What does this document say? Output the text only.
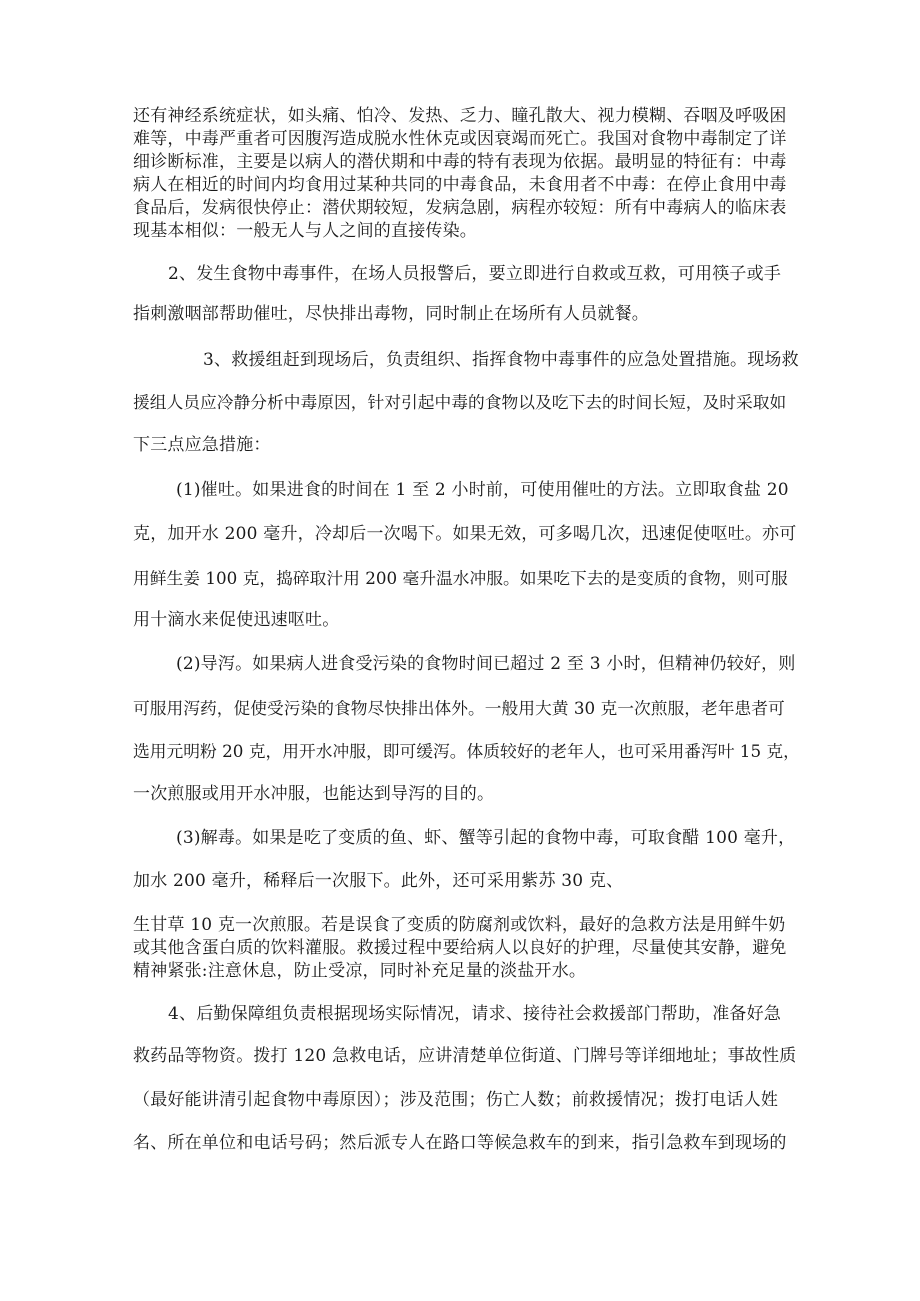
还有神经系统症状，如头痛、怕冷、发热、乏力、瞳孔散大、视力模糊、吞咽及呼吸困
难等，中毒严重者可因腹泻造成脱水性休克或因衰竭而死亡。我国对食物中毒制定了详
细诊断标准，主要是以病人的潜伏期和中毒的特有表现为依据。最明显的特征有：中毒
病人在相近的时间内均食用过某种共同的中毒食品，未食用者不中毒：在停止食用中毒
食品后，发病很快停止：潜伏期较短，发病急剧，病程亦较短：所有中毒病人的临床表
现基本相似：一般无人与人之间的直接传染。
2、发生食物中毒事件，在场人员报警后，要立即进行自救或互救，可用筷子或手
指刺激咽部帮助催吐，尽快排出毒物，同时制止在场所有人员就餐。
3、救援组赶到现场后，负责组织、指挥食物中毒事件的应急处置措施。现场救
援组人员应冷静分析中毒原因，针对引起中毒的食物以及吃下去的时间长短，及时采取如
下三点应急措施：
(1)催吐。如果进食的时间在 1 至 2 小时前，可使用催吐的方法。立即取食盐 20
克，加开水 200 毫升，冷却后一次喝下。如果无效，可多喝几次，迅速促使呕吐。亦可
用鲜生姜 100 克，捣碎取汁用 200 毫升温水冲服。如果吃下去的是变质的食物，则可服
用十滴水来促使迅速呕吐。
(2)导泻。如果病人进食受污染的食物时间已超过 2 至 3 小时，但精神仍较好，则
可服用泻药，促使受污染的食物尽快排出体外。一般用大黄 30 克一次煎服，老年患者可
选用元明粉 20 克，用开水冲服，即可缓泻。体质较好的老年人，也可采用番泻叶 15 克，
一次煎服或用开水冲服，也能达到导泻的目的。
(3)解毒。如果是吃了变质的鱼、虾、蟹等引起的食物中毒，可取食醋 100 毫升，
加水 200 毫升，稀释后一次服下。此外，还可采用紫苏 30 克、
生甘草 10 克一次煎服。若是误食了变质的防腐剂或饮料，最好的急救方法是用鲜牛奶
或其他含蛋白质的饮料灌服。救援过程中要给病人以良好的护理，尽量使其安静，避免
精神紧张:注意休息，防止受凉，同时补充足量的淡盐开水。
4、后勤保障组负责根据现场实际情况，请求、接待社会救援部门帮助，准备好急
救药品等物资。拨打 120 急救电话，应讲清楚单位街道、门牌号等详细地址；事故性质
（最好能讲清引起食物中毒原因）；涉及范围；伤亡人数；前救援情况；拨打电话人姓
名、所在单位和电话号码；然后派专人在路口等候急救车的到来，指引急救车到现场的
